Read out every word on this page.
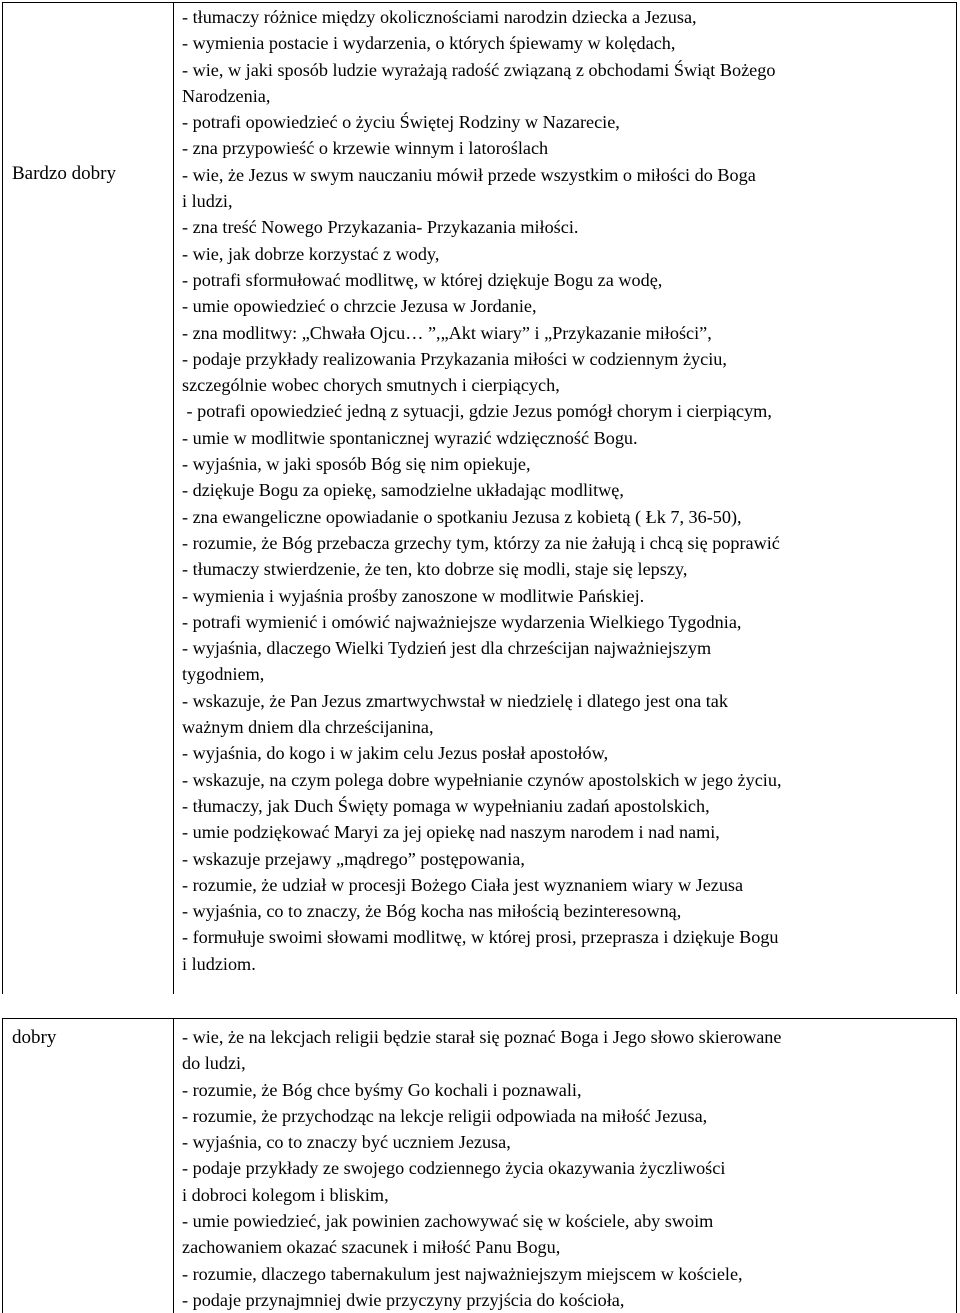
Bardzo dobry
- tłumaczy różnice między okolicznościami narodzin dziecka a Jezusa,
- wymienia postacie i wydarzenia, o których śpiewamy w kolędach,
- wie, w jaki sposób ludzie wyrażają radość związaną z obchodami Świąt Bożego
Narodzenia,
- potrafi opowiedzieć o życiu Świętej Rodziny w Nazarecie,
- zna przypowieść o krzewie winnym i latoroślach
- wie, że Jezus w swym nauczaniu mówił przede wszystkim o miłości do Boga
i ludzi,
- zna treść Nowego Przykazania- Przykazania miłości.
- wie, jak dobrze korzystać z wody,
- potrafi sformułować modlitwę, w której dziękuje Bogu za wodę,
- umie opowiedzieć o chrzcie Jezusa w Jordanie,
- zna modlitwy: „Chwała Ojcu… ”,„Akt wiary” i „Przykazanie miłości”,
- podaje przykłady realizowania Przykazania miłości w codziennym życiu,
szczególnie wobec chorych smutnych i cierpiących,
- potrafi opowiedzieć jedną z sytuacji, gdzie Jezus pomógł chorym i cierpiącym,
- umie w modlitwie spontanicznej wyrazić wdzięczność Bogu.
- wyjaśnia, w jaki sposób Bóg się nim opiekuje,
- dziękuje Bogu za opiekę, samodzielne układając modlitwę,
- zna ewangeliczne opowiadanie o spotkaniu Jezusa z kobietą ( Łk 7, 36-50),
- rozumie, że Bóg przebacza grzechy tym, którzy za nie żałują i chcą się poprawić
- tłumaczy stwierdzenie, że ten, kto dobrze się modli, staje się lepszy,
- wymienia i wyjaśnia prośby zanoszone w modlitwie Pańskiej.
- potrafi wymienić i omówić najważniejsze wydarzenia Wielkiego Tygodnia,
- wyjaśnia, dlaczego Wielki Tydzień jest dla chrześcijan najważniejszym
tygodniem,
- wskazuje, że Pan Jezus zmartwychwstał w niedzielę i dlatego jest ona tak
ważnym dniem dla chrześcijanina,
- wyjaśnia, do kogo i w jakim celu Jezus posłał apostołów,
- wskazuje, na czym polega dobre wypełnianie czynów apostolskich w jego życiu,
- tłumaczy, jak Duch Święty pomaga w wypełnianiu zadań apostolskich,
- umie podziękować Maryi za jej opiekę nad naszym narodem i nad nami,
- wskazuje przejawy „mądrego” postępowania,
- rozumie, że udział w procesji Bożego Ciała jest wyznaniem wiary w Jezusa
- wyjaśnia, co to znaczy, że Bóg kocha nas miłością bezinteresowną,
- formułuje swoimi słowami modlitwę, w której prosi, przeprasza i dziękuje Bogu
i ludziom.
dobry	- wie, że na lekcjach religii będzie starał się poznać Boga i Jego słowo skierowane
do ludzi,
- rozumie, że Bóg chce byśmy Go kochali i poznawali,
- rozumie, że przychodząc na lekcje religii odpowiada na miłość Jezusa,
- wyjaśnia, co to znaczy być uczniem Jezusa,
- podaje przykłady ze swojego codziennego życia okazywania życzliwości
i dobroci kolegom i bliskim,
- umie powiedzieć, jak powinien zachowywać się w kościele, aby swoim
zachowaniem okazać szacunek i miłość Panu Bogu,
- rozumie, dlaczego tabernakulum jest najważniejszym miejscem w kościele,
- podaje przynajmniej dwie przyczyny przyjścia do kościoła,
